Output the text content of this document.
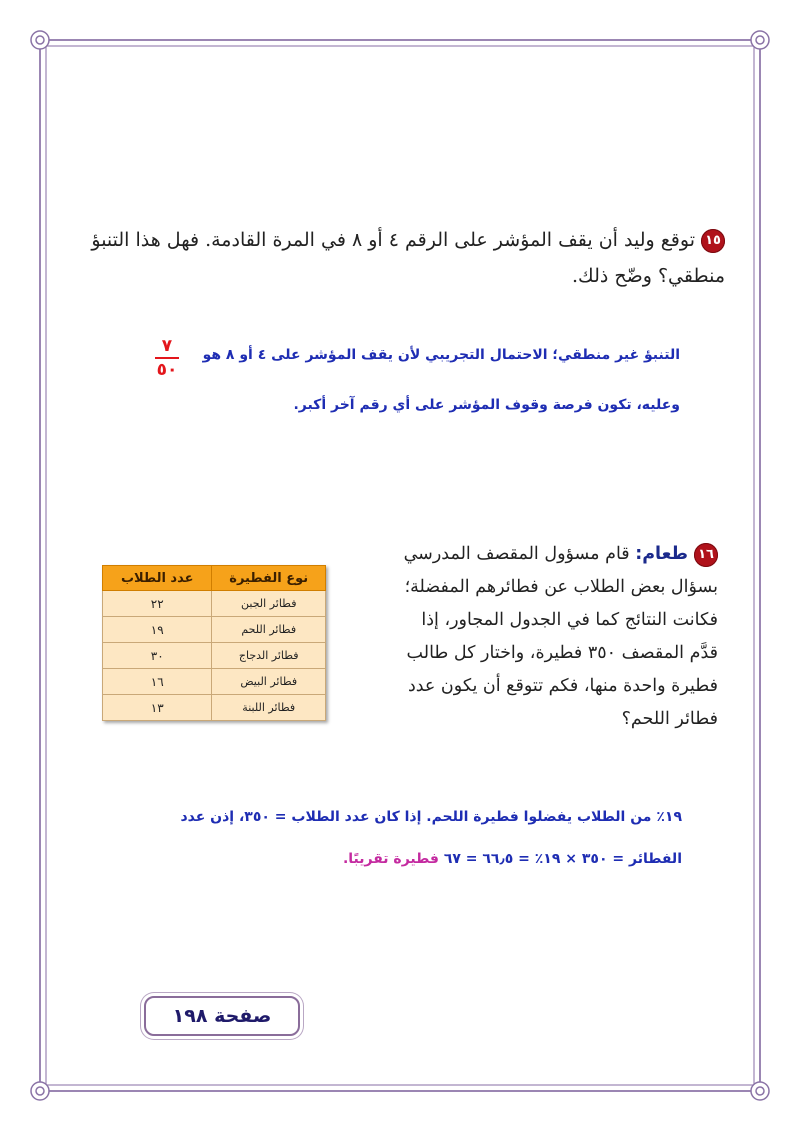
١٥توقع وليد أن يقف المؤشر على الرقم ٤ أو ٨ في المرة القادمة. فهل هذا التنبؤ منطقي؟ وضّح ذلك.
التنبؤ غير منطقي؛ الاحتمال التجريبي لأن يقف المؤشر على ٤ أو ٨ هو
٧
٥٠
وعليه، تكون فرصة وقوف المؤشر على أي رقم آخر أكبر.
١٦طعام: قام مسؤول المقصف المدرسي بسؤال بعض الطلاب عن فطائرهم المفضلة؛ فكانت النتائج كما في الجدول المجاور، إذا قدَّم المقصف ٣٥٠ فطيرة، واختار كل طالب فطيرة واحدة منها، فكم تتوقع أن يكون عدد فطائر اللحم؟
نوع الفطيرة	عدد الطلاب
فطائر الجبن	٢٢
فطائر اللحم	١٩
فطائر الدجاج	٣٠
فطائر البيض	١٦
فطائر اللبنة	١٣
١٩٪ من الطلاب يفضلوا فطيرة اللحم. إذا كان عدد الطلاب = ٣٥٠، إذن عدد
الفطائر = ٣٥٠ × ١٩٪ = ٦٦٫٥ = ٦٧ فطيرة تقريبًا.
صفحة ١٩٨
